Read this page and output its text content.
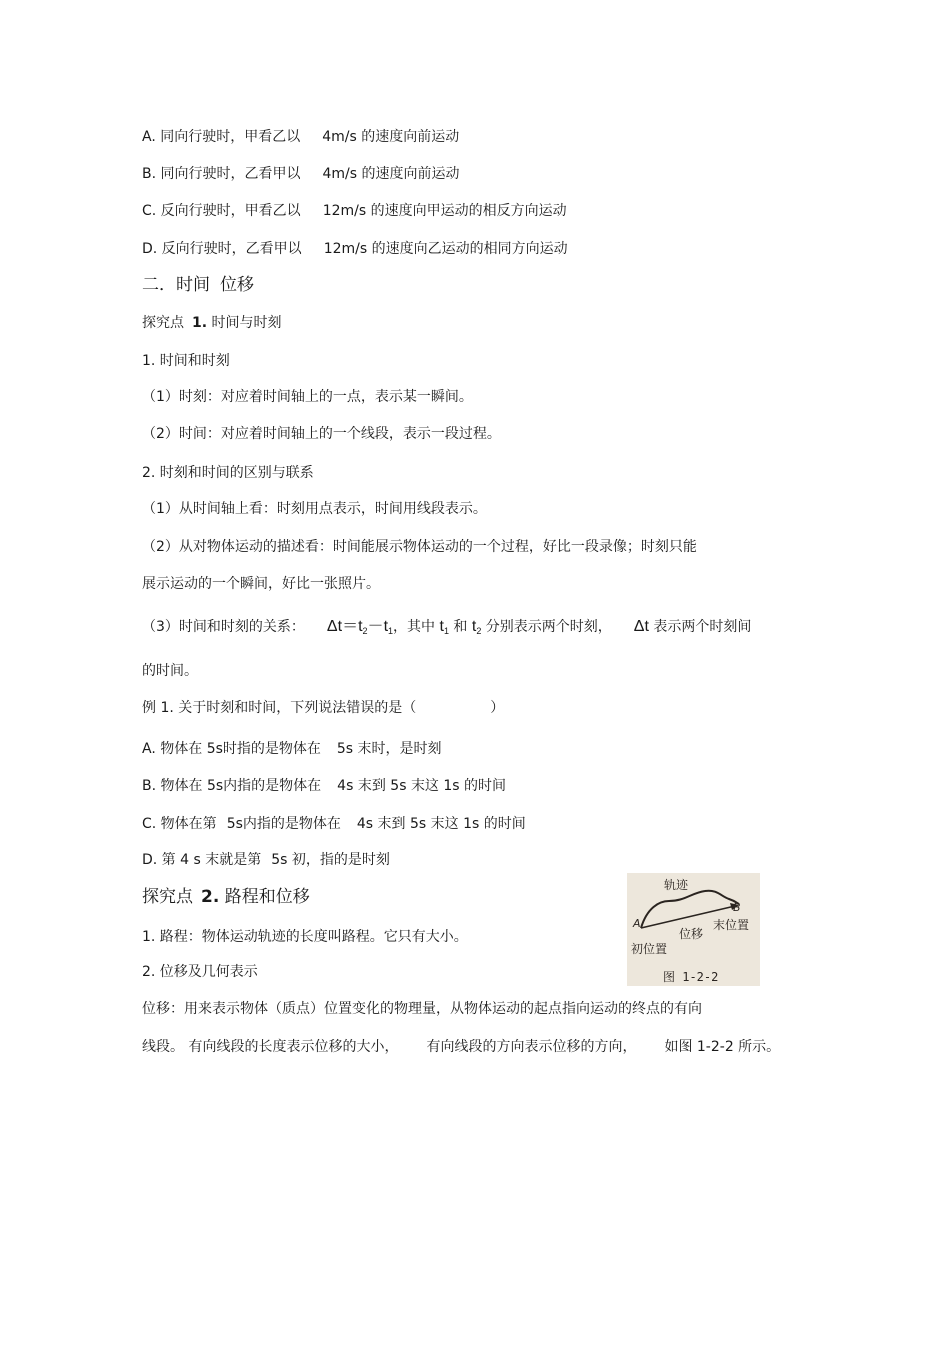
A. 同向行驶时，甲看乙以 4m/s 的速度向前运动
B. 同向行驶时，乙看甲以 4m/s 的速度向前运动
C. 反向行驶时，甲看乙以 12m/s 的速度向甲运动的相反方向运动
D. 反向行驶时，乙看甲以 12m/s 的速度向乙运动的相同方向运动
二．时间 位移
探究点 1. 时间与时刻
1. 时间和时刻
（1）时刻：对应着时间轴上的一点，表示某一瞬间。
（2）时间：对应着时间轴上的一个线段，表示一段过程。
2. 时刻和时间的区别与联系
（1）从时间轴上看：时刻用点表示，时间用线段表示。
（2）从对物体运动的描述看：时间能展示物体运动的一个过程，好比一段录像；时刻只能
展示运动的一个瞬间，好比一张照片。
（3）时间和时刻的关系： $\Delta t=t_2-t_1$，其中 $t_1$ 和 $t_2$ 分别表示两个时刻， Δt 表示两个时刻间
的时间。
例 1. 关于时刻和时间，下列说法错误的是（	）
A. 物体在 5s时指的是物体在 5s 末时，是时刻
B. 物体在 5s内指的是物体在 4s 末到 5s 末这 1s 的时间
C. 物体在第 5s内指的是物体在 4s 末到 5s 末这 1s 的时间
D. 第 4 s 末就是第 5s 初，指的是时刻
探究点 2. 路程和位移
1. 路程：物体运动轨迹的长度叫路程。它只有大小。
2. 位移及几何表示
位移：用来表示物体（质点）位置变化的物理量，从物体运动的起点指向运动的终点的有向
线段。 有向线段的长度表示位移的大小， 有向线段的方向表示位移的方向， 如图 1-2-2 所示。
轨迹
A
B
末位置
位移
初位置
图 1-2-2
